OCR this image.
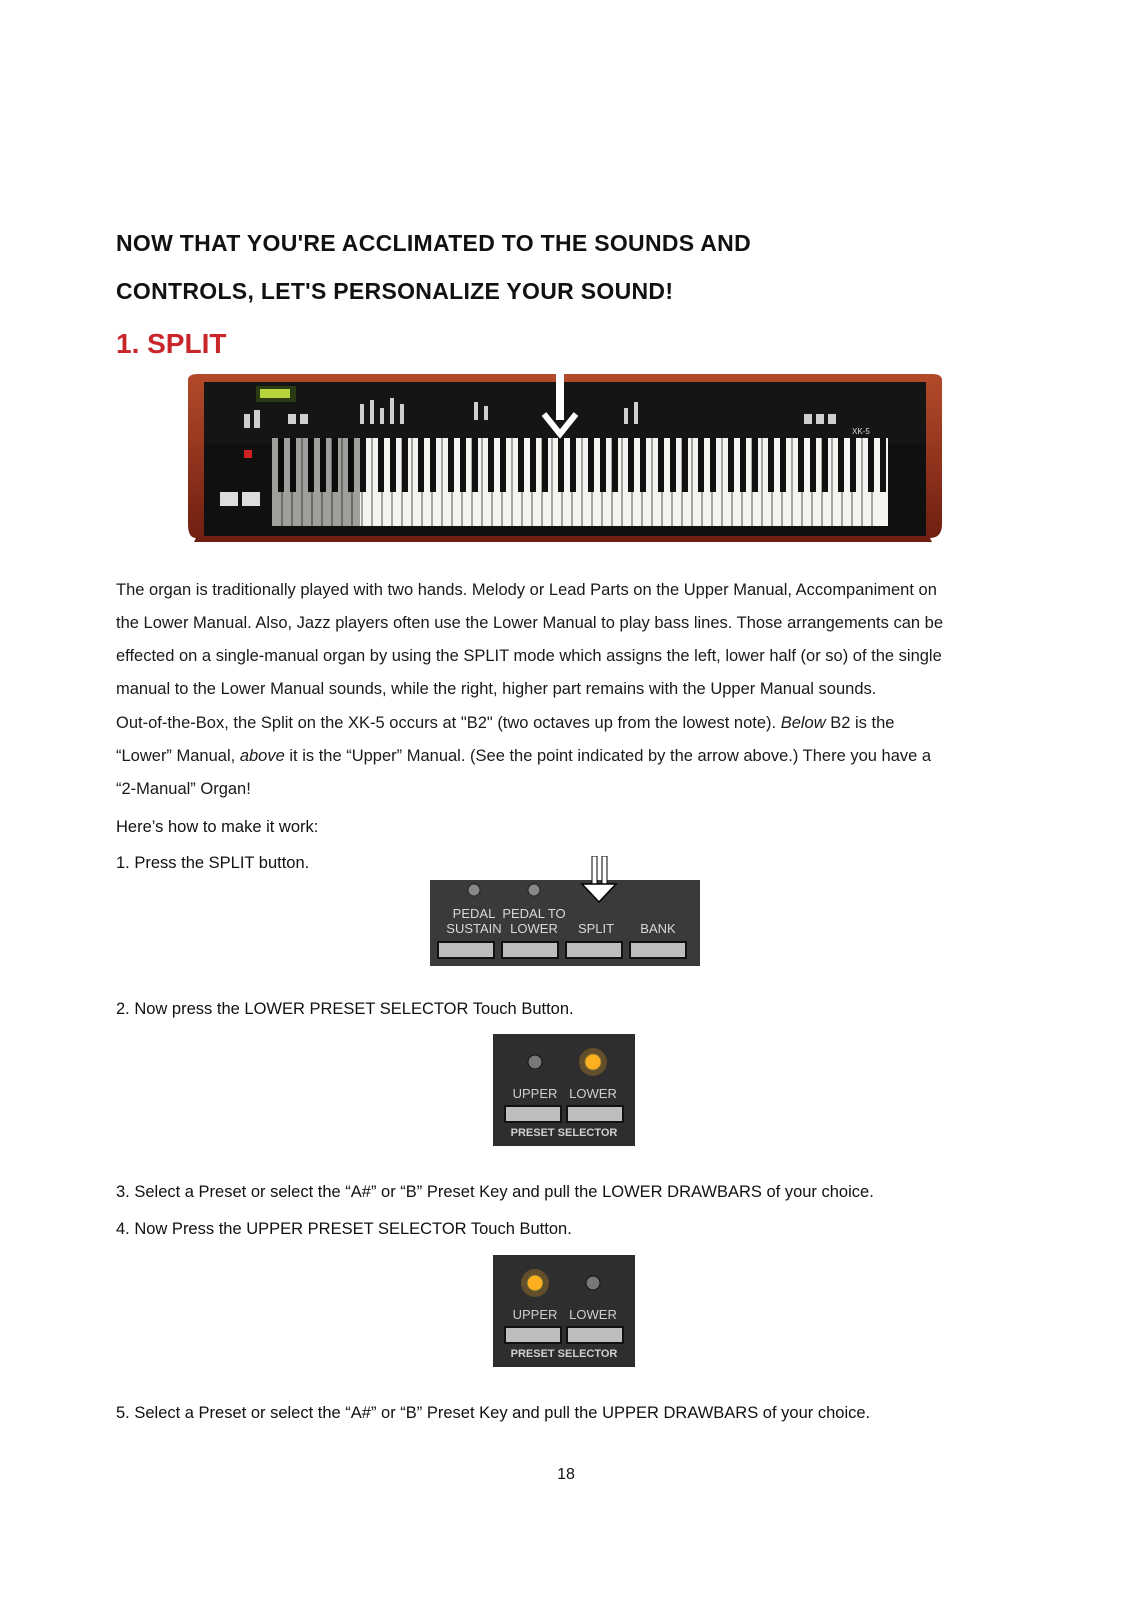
NOW THAT YOU'RE ACCLIMATED TO THE SOUNDS AND
CONTROLS, LET'S PERSONALIZE YOUR SOUND!
1. SPLIT
XK-5
The organ is traditionally played with two hands. Melody or Lead Parts on the Upper Manual, Accompaniment on
the Lower Manual. Also, Jazz players often use the Lower Manual to play bass lines. Those arrangements can be
effected on a single-manual organ by using the SPLIT mode which assigns the left, lower half (or so) of the single
manual to the Lower Manual sounds, while the right, higher part remains with the Upper Manual sounds.
Out-of-the-Box, the Split on the XK-5 occurs at "B2" (two octaves up from the lowest note). Below B2 is the
“Lower” Manual, above it is the “Upper” Manual. (See the point indicated by the arrow above.) There you have a
“2-Manual” Organ!
Here’s how to make it work:
1. Press the SPLIT button.
PEDAL
SUSTAIN
PEDAL TO
LOWER SPLIT BANK
2. Now press the LOWER PRESET SELECTOR Touch Button.
UPPER LOWER
PRESET SELECTOR
3. Select a Preset or select the “A#” or “B” Preset Key and pull the LOWER DRAWBARS of your choice.
4. Now Press the UPPER PRESET SELECTOR Touch Button.
UPPER LOWER
PRESET SELECTOR
5. Select a Preset or select the “A#” or “B” Preset Key and pull the UPPER DRAWBARS of your choice.
18
